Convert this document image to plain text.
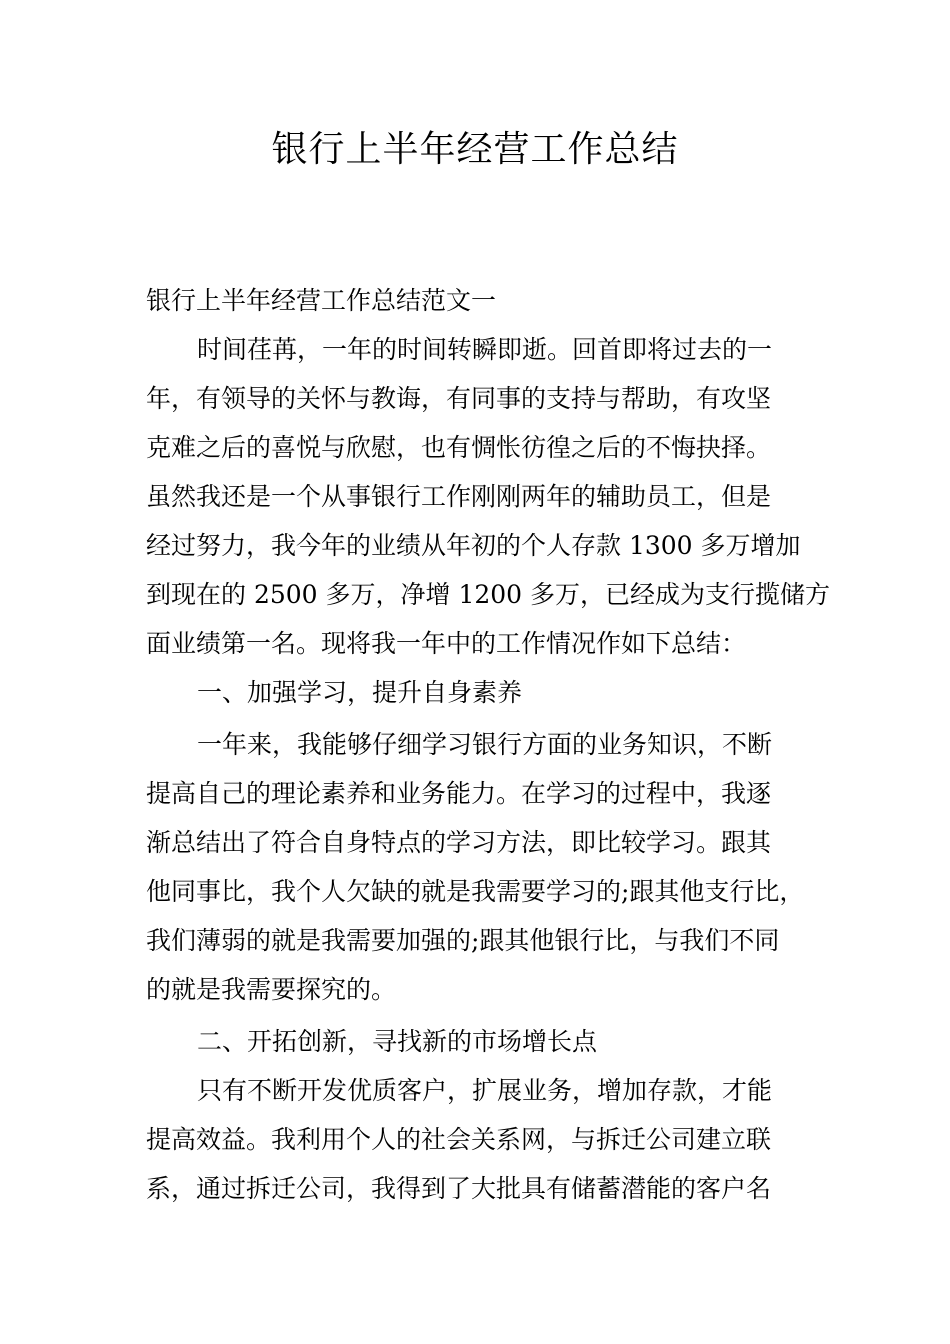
银行上半年经营工作总结

银行上半年经营工作总结范文一

时间荏苒，一年的时间转瞬即逝。回首即将过去的一

年，有领导的关怀与教诲，有同事的支持与帮助，有攻坚

克难之后的喜悦与欣慰，也有惆怅彷徨之后的不悔抉择。

虽然我还是一个从事银行工作刚刚两年的辅助员工，但是

经过努力，我今年的业绩从年初的个人存款 1300 多万增加

到现在的 2500 多万，净增 1200 多万，已经成为支行揽储方

面业绩第一名。现将我一年中的工作情况作如下总结：

一、加强学习，提升自身素养

一年来，我能够仔细学习银行方面的业务知识，不断

提高自己的理论素养和业务能力。在学习的过程中，我逐

渐总结出了符合自身特点的学习方法，即比较学习。跟其

他同事比，我个人欠缺的就是我需要学习的;跟其他支行比，

我们薄弱的就是我需要加强的;跟其他银行比，与我们不同

的就是我需要探究的。

二、开拓创新，寻找新的市场增长点

只有不断开发优质客户，扩展业务，增加存款，才能

提高效益。我利用个人的社会关系网，与拆迁公司建立联

系，通过拆迁公司，我得到了大批具有储蓄潜能的客户名
